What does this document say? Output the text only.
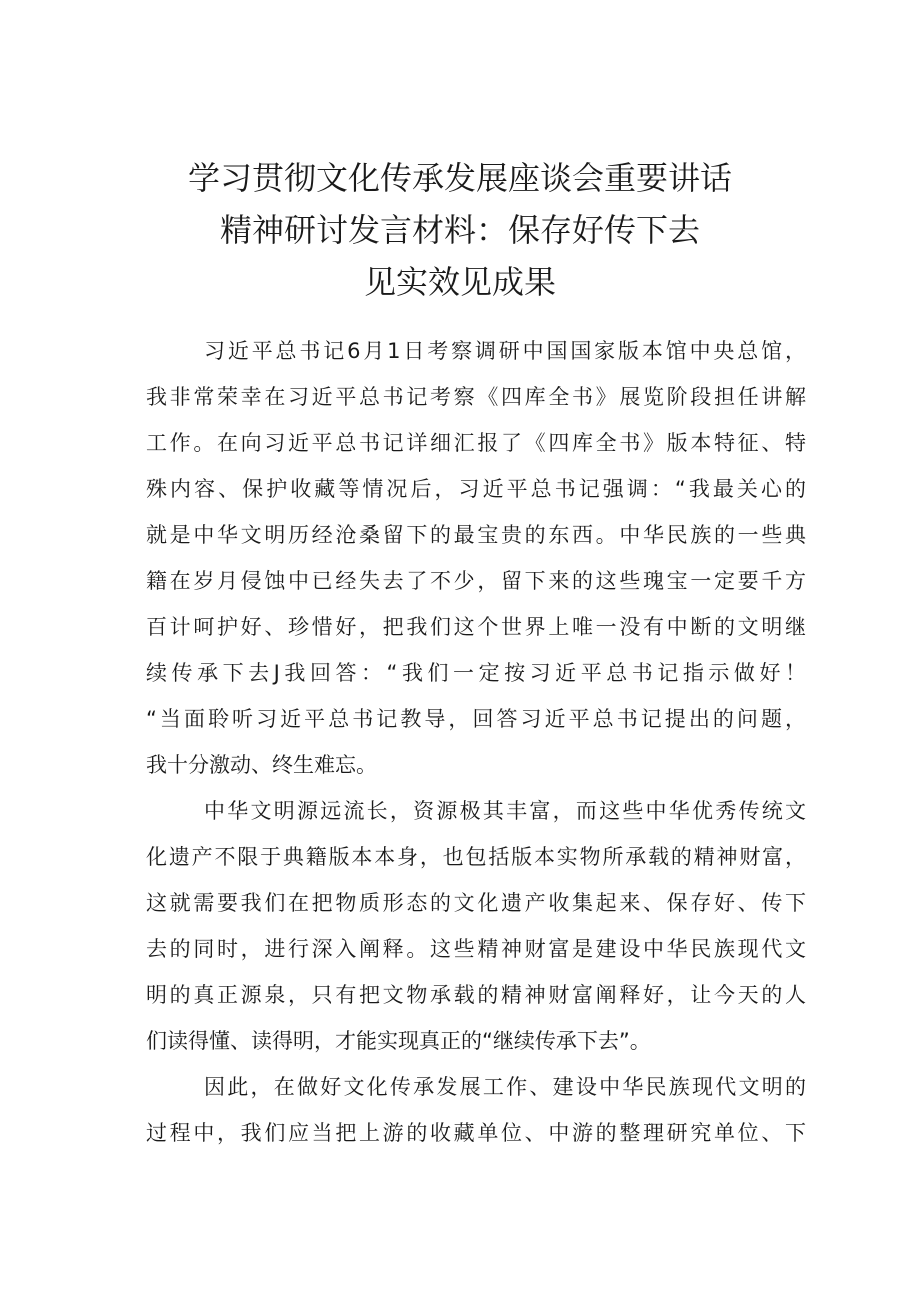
学习贯彻文化传承发展座谈会重要讲话
精神研讨发言材料：保存好传下去
见实效见成果
习近平总书记6月1日考察调研中国国家版本馆中央总馆，
我非常荣幸在习近平总书记考察《四库全书》展览阶段担任讲解
工作。在向习近平总书记详细汇报了《四库全书》版本特征、特
殊内容、保护收藏等情况后，习近平总书记强调：“我最关心的
就是中华文明历经沧桑留下的最宝贵的东西。中华民族的一些典
籍在岁月侵蚀中已经失去了不少，留下来的这些瑰宝一定要千方
百计呵护好、珍惜好，把我们这个世界上唯一没有中断的文明继
续传承下去J我回答：“我们一定按习近平总书记指示做好！
“当面聆听习近平总书记教导，回答习近平总书记提出的问题，
我十分激动、终生难忘。
中华文明源远流长，资源极其丰富，而这些中华优秀传统文
化遗产不限于典籍版本本身，也包括版本实物所承载的精神财富，
这就需要我们在把物质形态的文化遗产收集起来、保存好、传下
去的同时，进行深入阐释。这些精神财富是建设中华民族现代文
明的真正源泉，只有把文物承载的精神财富阐释好，让今天的人
们读得懂、读得明，才能实现真正的“继续传承下去”。
因此，在做好文化传承发展工作、建设中华民族现代文明的
过程中，我们应当把上游的收藏单位、中游的整理研究单位、下
